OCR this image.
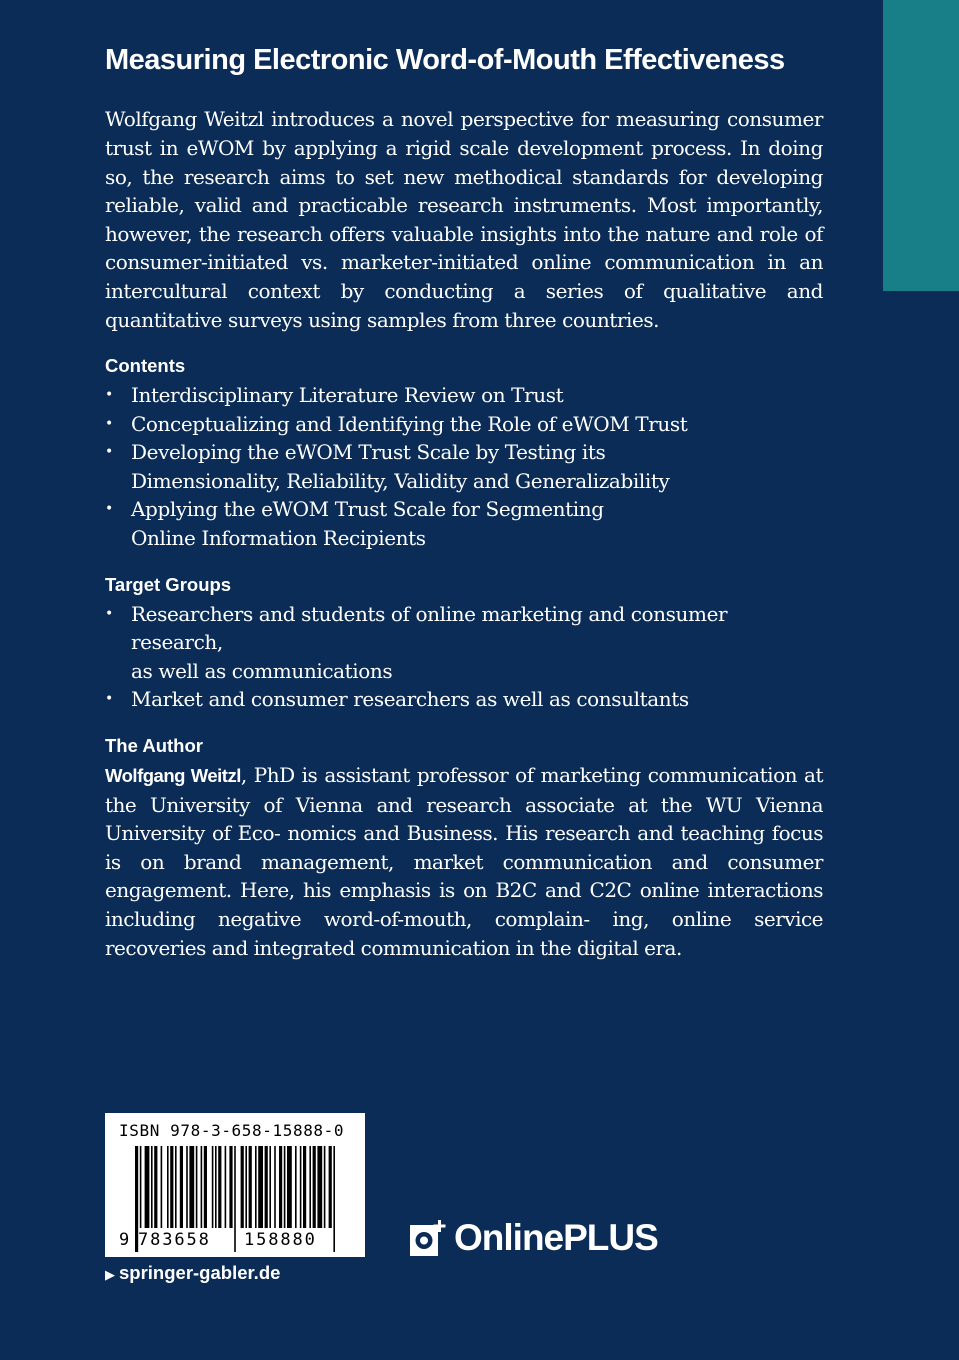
Measuring Electronic Word-of-Mouth Effectiveness

Wolfgang Weitzl introduces a novel perspective for measuring consumer trust in eWOM by applying a rigid scale development process. In doing so, the research aims to set new methodical standards for developing reliable, valid and practicable research instruments. Most importantly, however, the research offers valuable insights into the nature and role of consumer-initiated vs. marketer-initiated online communication in an intercultural context by conducting a series of qualitative and quantitative surveys using samples from three countries.

Contents
• Interdisciplinary Literature Review on Trust
• Conceptualizing and Identifying the Role of eWOM Trust
• Developing the eWOM Trust Scale by Testing its
Dimensionality, Reliability, Validity and Generalizability
• Applying the eWOM Trust Scale for Segmenting
Online Information Recipients
Target Groups
• Researchers and students of online marketing and consumer research,
as well as communications
• Market and consumer researchers as well as consultants
The Author

Wolfgang Weitzl, PhD is assistant professor of marketing communication at the University of Vienna and research associate at the WU Vienna University of Eco- nomics and Business. His research and teaching focus is on brand management, market communication and consumer engagement. Here, his emphasis is on B2C and C2C online interactions including negative word-of-mouth, complain- ing, online service recoveries and integrated communication in the digital era.

ISBN 978-3-658-15888-0
9 783658 158880
▶ springer-gabler.de
OnlinePLUS
